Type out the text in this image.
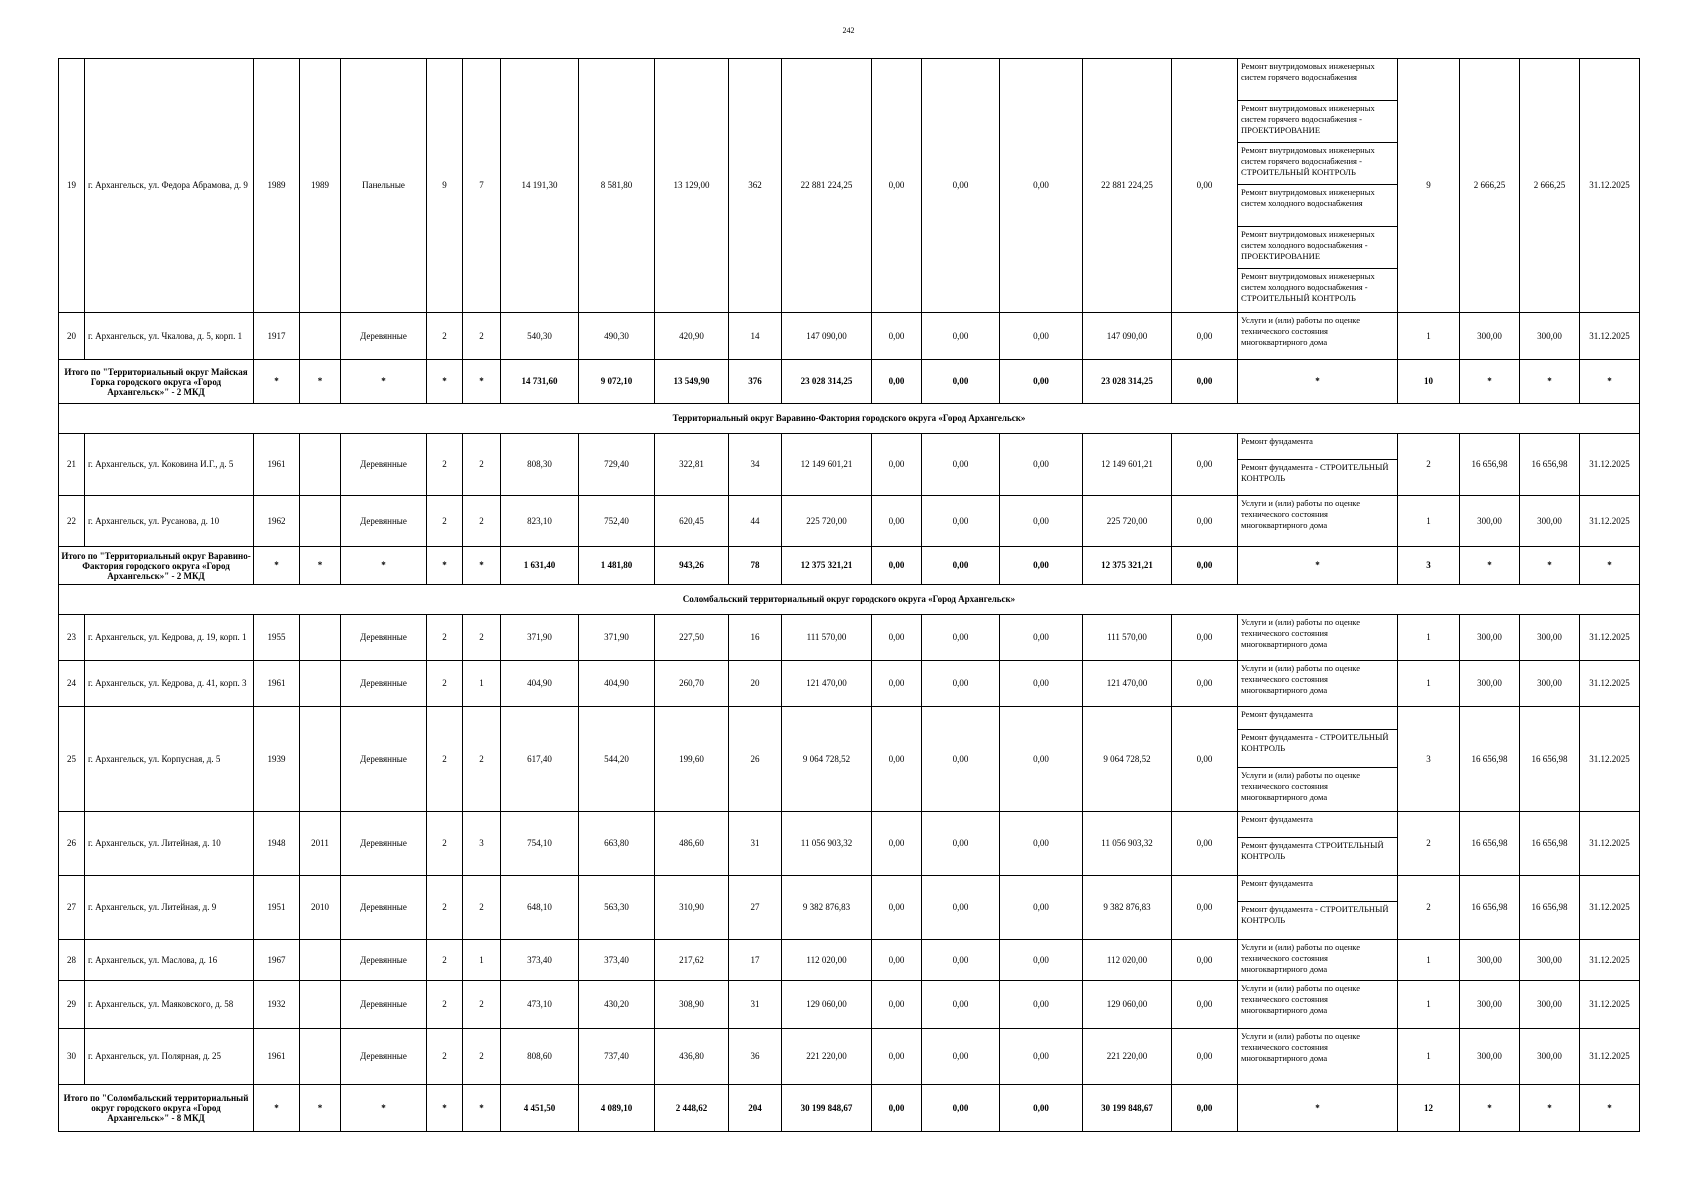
242
19	г. Архангельск, ул. Федора Абрамова, д. 9	1989	1989	Панельные	9	7	14 191,30	8 581,80	13 129,00	362	22 881 224,25	0,00	0,00	0,00	22 881 224,25	0,00	Ремонт внутридомовых инженерных систем горячего водоснабжения	9	2 666,25	2 666,25	31.12.2025
																	Ремонт внутридомовых инженерных систем горячего водоснабжения - ПРОЕКТИРОВАНИЕ				
																	Ремонт внутридомовых инженерных систем горячего водоснабжения - СТРОИТЕЛЬНЫЙ КОНТРОЛЬ				
																	Ремонт внутридомовых инженерных систем холодного водоснабжения				
																	Ремонт внутридомовых инженерных систем холодного водоснабжения - ПРОЕКТИРОВАНИЕ				
																	Ремонт внутридомовых инженерных систем холодного водоснабжения - СТРОИТЕЛЬНЫЙ КОНТРОЛЬ				
20	г. Архангельск, ул. Чкалова, д. 5, корп. 1	1917		Деревянные	2	2	540,30	490,30	420,90	14	147 090,00	0,00	0,00	0,00	147 090,00	0,00	Услуги и (или) работы по оценке технического состояния многоквартирного дома	1	300,00	300,00	31.12.2025
Итого по "Территориальный округ Майская Горка городского округа «Город Архангельск»" - 2 МКД		*	*	*	*	*	14 731,60	9 072,10	13 549,90	376	23 028 314,25	0,00	0,00	0,00	23 028 314,25	0,00	*	10	*	*	*
Территориальный округ Варавино-Фактория городского округа «Город Архангельск»																					
21	г. Архангельск, ул. Коковина И.Г., д. 5	1961		Деревянные	2	2	808,30	729,40	322,81	34	12 149 601,21	0,00	0,00	0,00	12 149 601,21	0,00	Ремонт фундамента	2	16 656,98	16 656,98	31.12.2025
																	Ремонт фундамента - СТРОИТЕЛЬНЫЙ КОНТРОЛЬ				
22	г. Архангельск, ул. Русанова, д. 10	1962		Деревянные	2	2	823,10	752,40	620,45	44	225 720,00	0,00	0,00	0,00	225 720,00	0,00	Услуги и (или) работы по оценке технического состояния многоквартирного дома	1	300,00	300,00	31.12.2025
Итого по "Территориальный округ Варавино-Фактория городского округа «Город Архангельск»" - 2 МКД		*	*	*	*	*	1 631,40	1 481,80	943,26	78	12 375 321,21	0,00	0,00	0,00	12 375 321,21	0,00	*	3	*	*	*
Соломбальский территориальный округ городского округа «Город Архангельск»																					
23	г. Архангельск, ул. Кедрова, д. 19, корп. 1	1955		Деревянные	2	2	371,90	371,90	227,50	16	111 570,00	0,00	0,00	0,00	111 570,00	0,00	Услуги и (или) работы по оценке технического состояния многоквартирного дома	1	300,00	300,00	31.12.2025
24	г. Архангельск, ул. Кедрова, д. 41, корп. 3	1961		Деревянные	2	1	404,90	404,90	260,70	20	121 470,00	0,00	0,00	0,00	121 470,00	0,00	Услуги и (или) работы по оценке технического состояния многоквартирного дома	1	300,00	300,00	31.12.2025
25	г. Архангельск, ул. Корпусная, д. 5	1939		Деревянные	2	2	617,40	544,20	199,60	26	9 064 728,52	0,00	0,00	0,00	9 064 728,52	0,00	Ремонт фундамента	3	16 656,98	16 656,98	31.12.2025
																	Ремонт фундамента - СТРОИТЕЛЬНЫЙ КОНТРОЛЬ				
																	Услуги и (или) работы по оценке технического состояния многоквартирного дома				
26	г. Архангельск, ул. Литейная, д. 10	1948	2011	Деревянные	2	3	754,10	663,80	486,60	31	11 056 903,32	0,00	0,00	0,00	11 056 903,32	0,00	Ремонт фундамента	2	16 656,98	16 656,98	31.12.2025
																	Ремонт фундамента СТРОИТЕЛЬНЫЙ КОНТРОЛЬ				
27	г. Архангельск, ул. Литейная, д. 9	1951	2010	Деревянные	2	2	648,10	563,30	310,90	27	9 382 876,83	0,00	0,00	0,00	9 382 876,83	0,00	Ремонт фундамента	2	16 656,98	16 656,98	31.12.2025
																	Ремонт фундамента - СТРОИТЕЛЬНЫЙ КОНТРОЛЬ				
28	г. Архангельск, ул. Маслова, д. 16	1967		Деревянные	2	1	373,40	373,40	217,62	17	112 020,00	0,00	0,00	0,00	112 020,00	0,00	Услуги и (или) работы по оценке технического состояния многоквартирного дома	1	300,00	300,00	31.12.2025
29	г. Архангельск, ул. Маяковского, д. 58	1932		Деревянные	2	2	473,10	430,20	308,90	31	129 060,00	0,00	0,00	0,00	129 060,00	0,00	Услуги и (или) работы по оценке технического состояния многоквартирного дома	1	300,00	300,00	31.12.2025
30	г. Архангельск, ул. Полярная, д. 25	1961		Деревянные	2	2	808,60	737,40	436,80	36	221 220,00	0,00	0,00	0,00	221 220,00	0,00	Услуги и (или) работы по оценке технического состояния многоквартирного дома	1	300,00	300,00	31.12.2025
Итого по "Соломбальский территориальный округ городского округа «Город Архангельск»" - 8 МКД		*	*	*	*	*	4 451,50	4 089,10	2 448,62	204	30 199 848,67	0,00	0,00	0,00	30 199 848,67	0,00	*	12	*	*	*
